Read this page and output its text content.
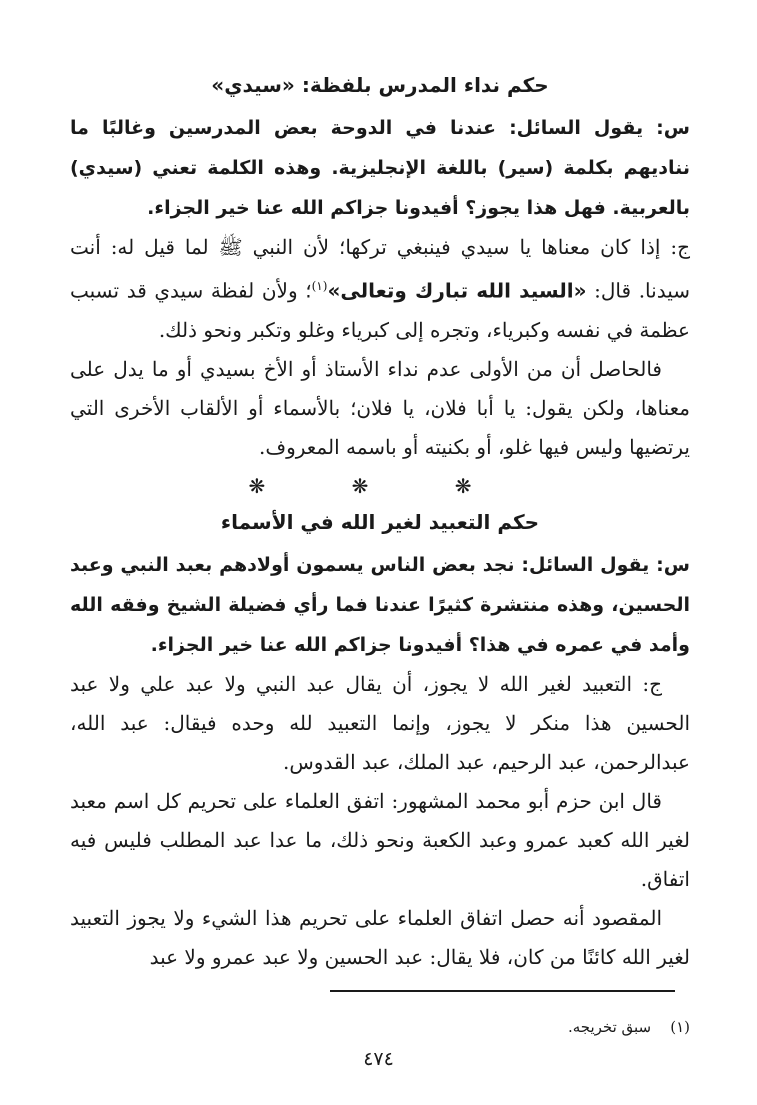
حكم نداء المدرس بلفظة: «سيدي»

س: يقول السائل: عندنا في الدوحة بعض المدرسين وغالبًا ما نناديهم بكلمة (سير) باللغة الإنجليزية. وهذه الكلمة تعني (سيدي) بالعربية. فهل هذا يجوز؟ أفيدونا جزاكم الله عنا خير الجزاء.

ج: إذا كان معناها يا سيدي فينبغي تركها؛ لأن النبي ﷺ لما قيل له: أنت سيدنا. قال: «السيد الله تبارك وتعالى»$^{(١)}$؛ ولأن لفظة سيدي قد تسبب عظمة في نفسه وكبرياء، وتجره إلى كبرياء وغلو وتكبر ونحو ذلك.

فالحاصل أن من الأولى عدم نداء الأستاذ أو الأخ بسيدي أو ما يدل على معناها، ولكن يقول: يا أبا فلان، يا فلان؛ بالأسماء أو الألقاب الأخرى التي يرتضيها وليس فيها غلو، أو بكنيته أو باسمه المعروف.

❋ ❋ ❋
حكم التعبيد لغير الله في الأسماء

س: يقول السائل: نجد بعض الناس يسمون أولادهم بعبد النبي وعبد الحسين، وهذه منتشرة كثيرًا عندنا فما رأي فضيلة الشيخ وفقه الله وأمد في عمره في هذا؟ أفيدونا جزاكم الله عنا خير الجزاء.

ج: التعبيد لغير الله لا يجوز، أن يقال عبد النبي ولا عبد علي ولا عبد الحسين هذا منكر لا يجوز، وإنما التعبيد لله وحده فيقال: عبد الله، عبدالرحمن، عبد الرحيم، عبد الملك، عبد القدوس.

قال ابن حزم أبو محمد المشهور: اتفق العلماء على تحريم كل اسم معبد لغير الله كعبد عمرو وعبد الكعبة ونحو ذلك، ما عدا عبد المطلب فليس فيه اتفاق.

المقصود أنه حصل اتفاق العلماء على تحريم هذا الشيء ولا يجوز التعبيد لغير الله كائنًا من كان، فلا يقال: عبد الحسين ولا عبد عمرو ولا عبد

(١)    سبق تخريجه.
٤٧٤
